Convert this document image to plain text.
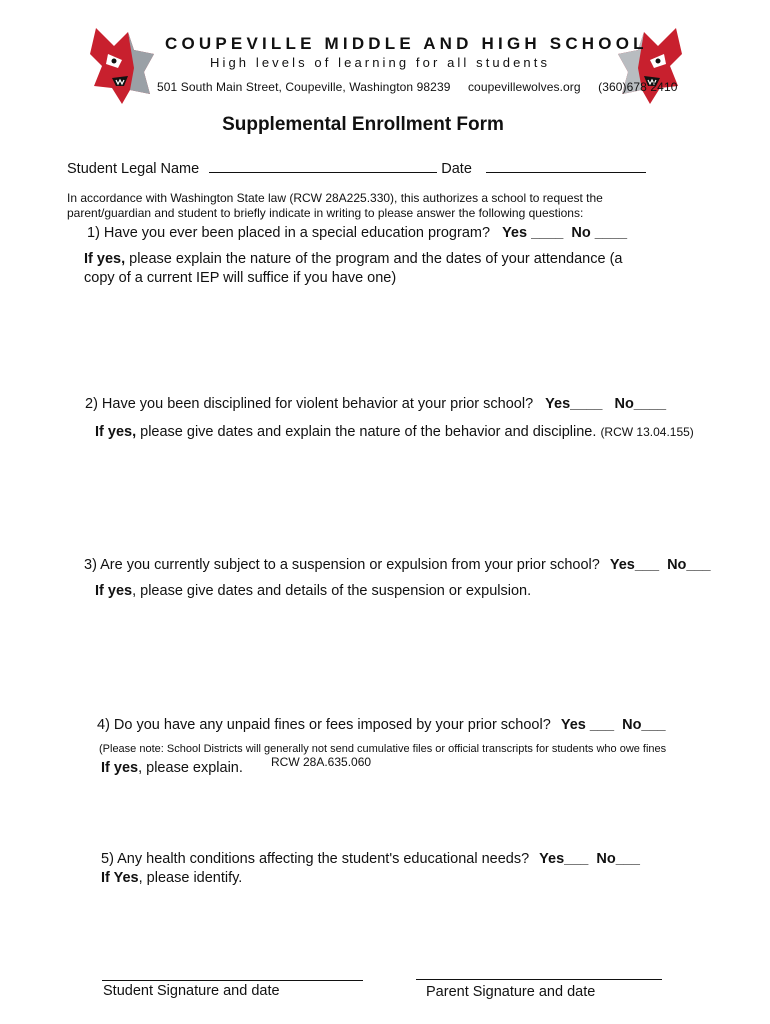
COUPEVILLE MIDDLE AND HIGH SCHOOL
High levels of learning for all students
501 South Main Street, Coupeville, Washington 98239 coupevillewolves.org (360)678 2410
Supplemental Enrollment Form
Student Legal Name	Date
In accordance with Washington State law (RCW 28A225.330), this authorizes a school to request the
parent/guardian and student to briefly indicate in writing to please answer the following questions:
1) Have you ever been placed in a special education program? Yes ____ No ____
If yes, please explain the nature of the program and the dates of your attendance (a
copy of a current IEP will suffice if you have one)
2) Have you been disciplined for violent behavior at your prior school? Yes____ No____
If yes, please give dates and explain the nature of the behavior and discipline. (RCW 13.04.155)
3) Are you currently subject to a suspension or expulsion from your prior school? Yes___ No___
If yes, please give dates and details of the suspension or expulsion.
4) Do you have any unpaid fines or fees imposed by your prior school? Yes ___ No___
(Please note: School Districts will generally not send cumulative files or official transcripts for students who owe fines
RCW 28A.635.060
If yes, please explain.
5) Any health conditions affecting the student's educational needs? Yes___ No___
If Yes, please identify.
Student Signature and date	Parent Signature and date
